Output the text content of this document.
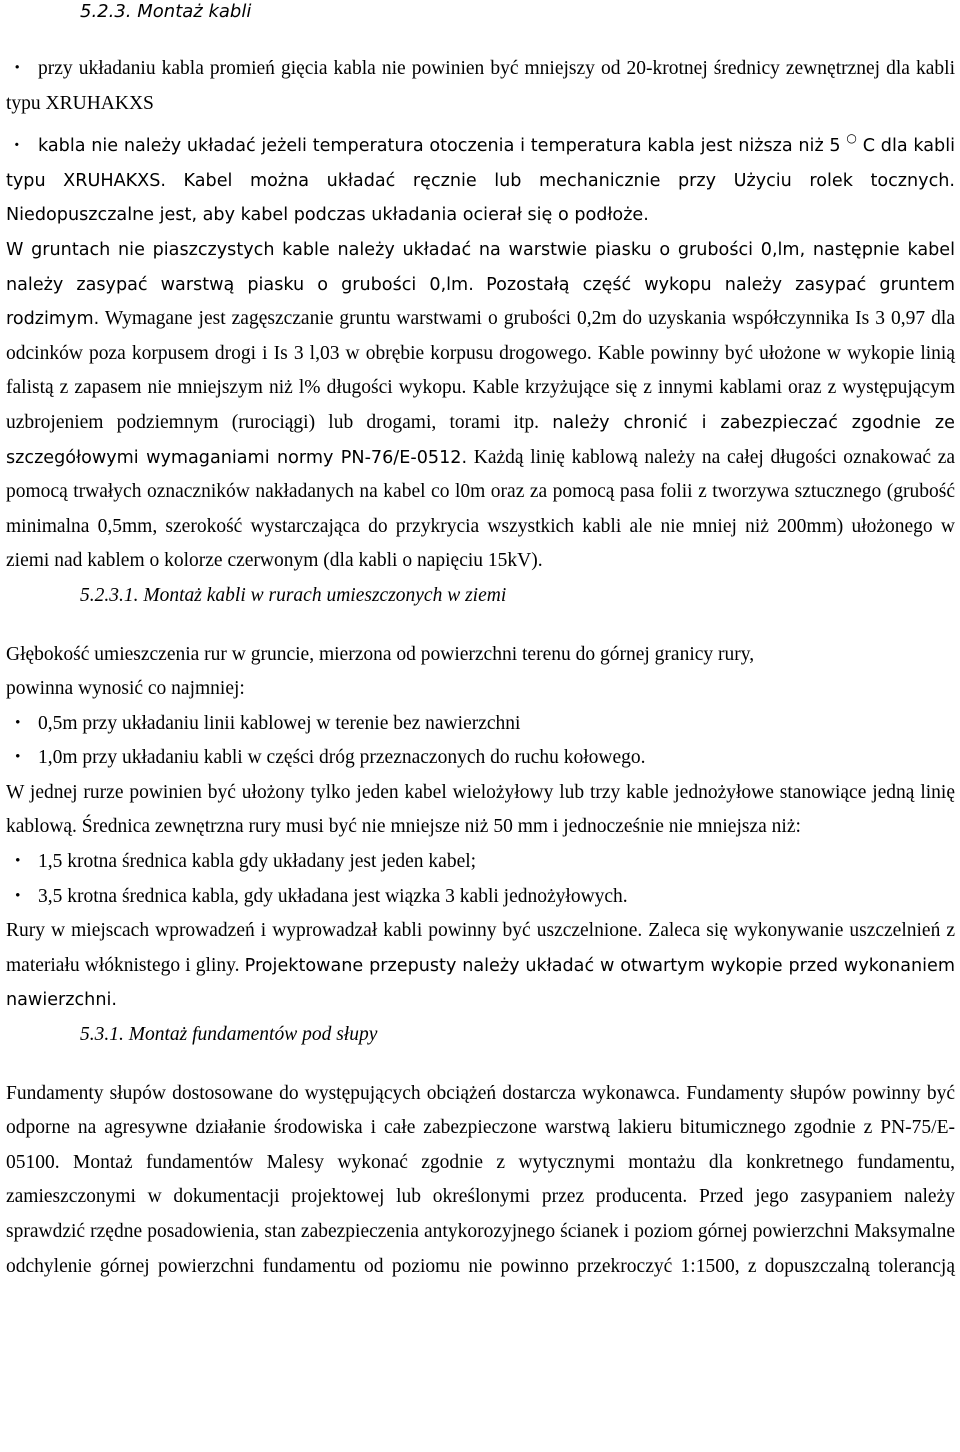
5.2.3. Montaż kabli

・ przy układaniu kabla promień gięcia kabla nie powinien być mniejszy od 20-krotnej średnicy zewnętrznej dla kabli typu XRUHAKXS

・ kabla nie należy układać jeżeli temperatura otoczenia i temperatura kabla jest niższa niż 5 ○ C dla kabli typu XRUHAKXS. Kabel można układać ręcznie lub mechanicznie przy Użyciu rolek tocznych. Niedopuszczalne jest, aby kabel podczas układania ocierał się o podłoże.

W gruntach nie piaszczystych kable należy układać na warstwie piasku o grubości 0,lm, następnie kabel należy zasypać warstwą piasku o grubości 0,lm. Pozostałą część wykopu należy zasypać gruntem rodzimym. Wymagane jest zagęszczanie gruntu warstwami o grubości 0,2m do uzyskania współczynnika Is 3 0,97 dla odcinków poza korpusem drogi i Is 3 l,03 w obrębie korpusu drogowego. Kable powinny być ułożone w wykopie linią falistą z zapasem nie mniejszym niż l% długości wykopu. Kable krzyżujące się z innymi kablami oraz z występującym uzbrojeniem podziemnym (rurociągi) lub drogami, torami itp. należy chronić i zabezpieczać zgodnie ze szczegółowymi wymaganiami normy PN-76/E-0512. Każdą linię kablową należy na całej długości oznakować za pomocą trwałych oznaczników nakładanych na kabel co l0m oraz za pomocą pasa folii z tworzywa sztucznego (grubość minimalna 0,5mm, szerokość wystarczająca do przykrycia wszystkich kabli ale nie mniej niż 200mm) ułożonego w ziemi nad kablem o kolorze czerwonym (dla kabli o napięciu 15kV).

5.2.3.1. Montaż kabli w rurach umieszczonych w ziemi

Głębokość umieszczenia rur w gruncie, mierzona od powierzchni terenu do górnej granicy rury,

powinna wynosić co najmniej:

・ 0,5m przy układaniu linii kablowej w terenie bez nawierzchni

・ 1,0m przy układaniu kabli w części dróg przeznaczonych do ruchu kołowego.

W jednej rurze powinien być ułożony tylko jeden kabel wielożyłowy lub trzy kable jednożyłowe stanowiące jedną linię kablową. Średnica zewnętrzna rury musi być nie mniejsze niż 50 mm i jednocześnie nie mniejsza niż:

・ 1,5 krotna średnica kabla gdy układany jest jeden kabel;

・ 3,5 krotna średnica kabla, gdy układana jest wiązka 3 kabli jednożyłowych.

Rury w miejscach wprowadzeń i wyprowadzał kabli powinny być uszczelnione. Zaleca się wykonywanie uszczelnień z materiału włóknistego i gliny. Projektowane przepusty należy układać w otwartym wykopie przed wykonaniem nawierzchni.

5.3.1. Montaż fundamentów pod słupy

Fundamenty słupów dostosowane do występujących obciążeń dostarcza wykonawca. Fundamenty słupów powinny być odporne na agresywne działanie środowiska i całe zabezpieczone warstwą lakieru bitumicznego zgodnie z PN-75/E-05100. Montaż fundamentów Malesy wykonać zgodnie z wytycznymi montażu dla konkretnego fundamentu, zamieszczonymi w dokumentacji projektowej lub określonymi przez producenta. Przed jego zasypaniem należy sprawdzić rzędne posadowienia, stan zabezpieczenia antykorozyjnego ścianek i poziom górnej powierzchni Maksymalne odchylenie górnej powierzchni fundamentu od poziomu nie powinno przekroczyć 1:1500, z dopuszczalną tolerancją
